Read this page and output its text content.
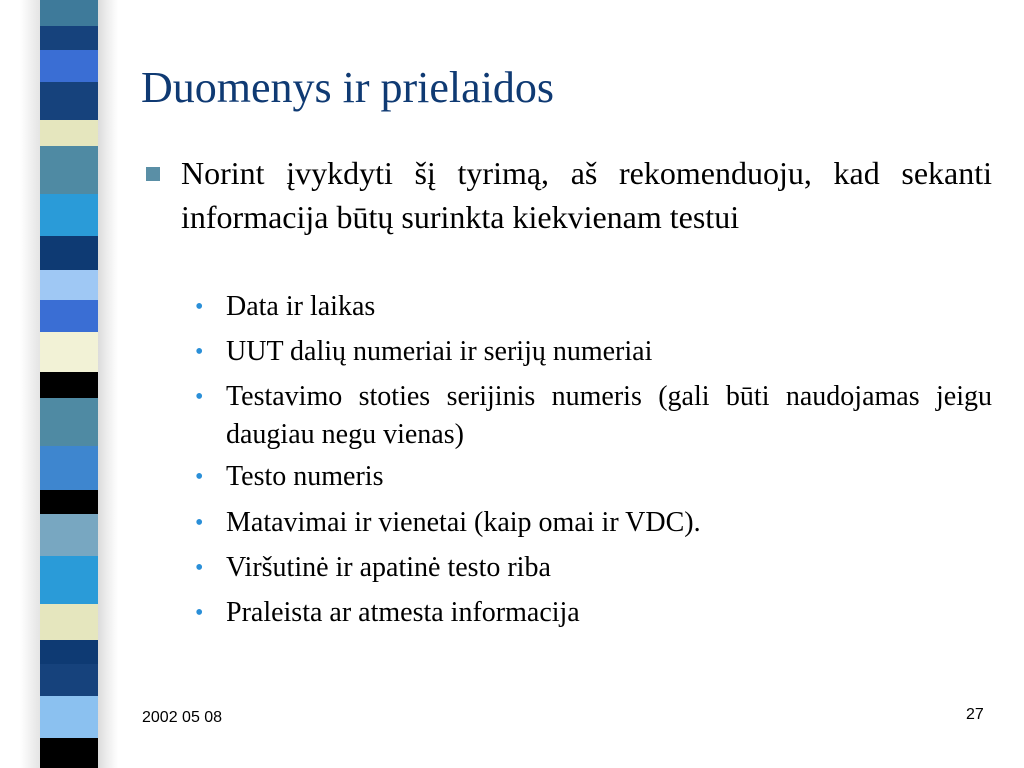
Duomenys ir prielaidos

Norint įvykdyti šį tyrimą, aš rekomenduoju, kad sekanti informacija būtų surinkta kiekvienam testui

• Data ir laikas
• UUT dalių numeriai ir serijų numeriai
• Testavimo stoties serijinis numeris (gali būti naudojamas jeigu daugiau negu vienas)
• Testo numeris
• Matavimai ir vienetai (kaip omai ir VDC).
• Viršutinė ir apatinė testo riba
• Praleista ar atmesta informacija
2002 05 08	27
